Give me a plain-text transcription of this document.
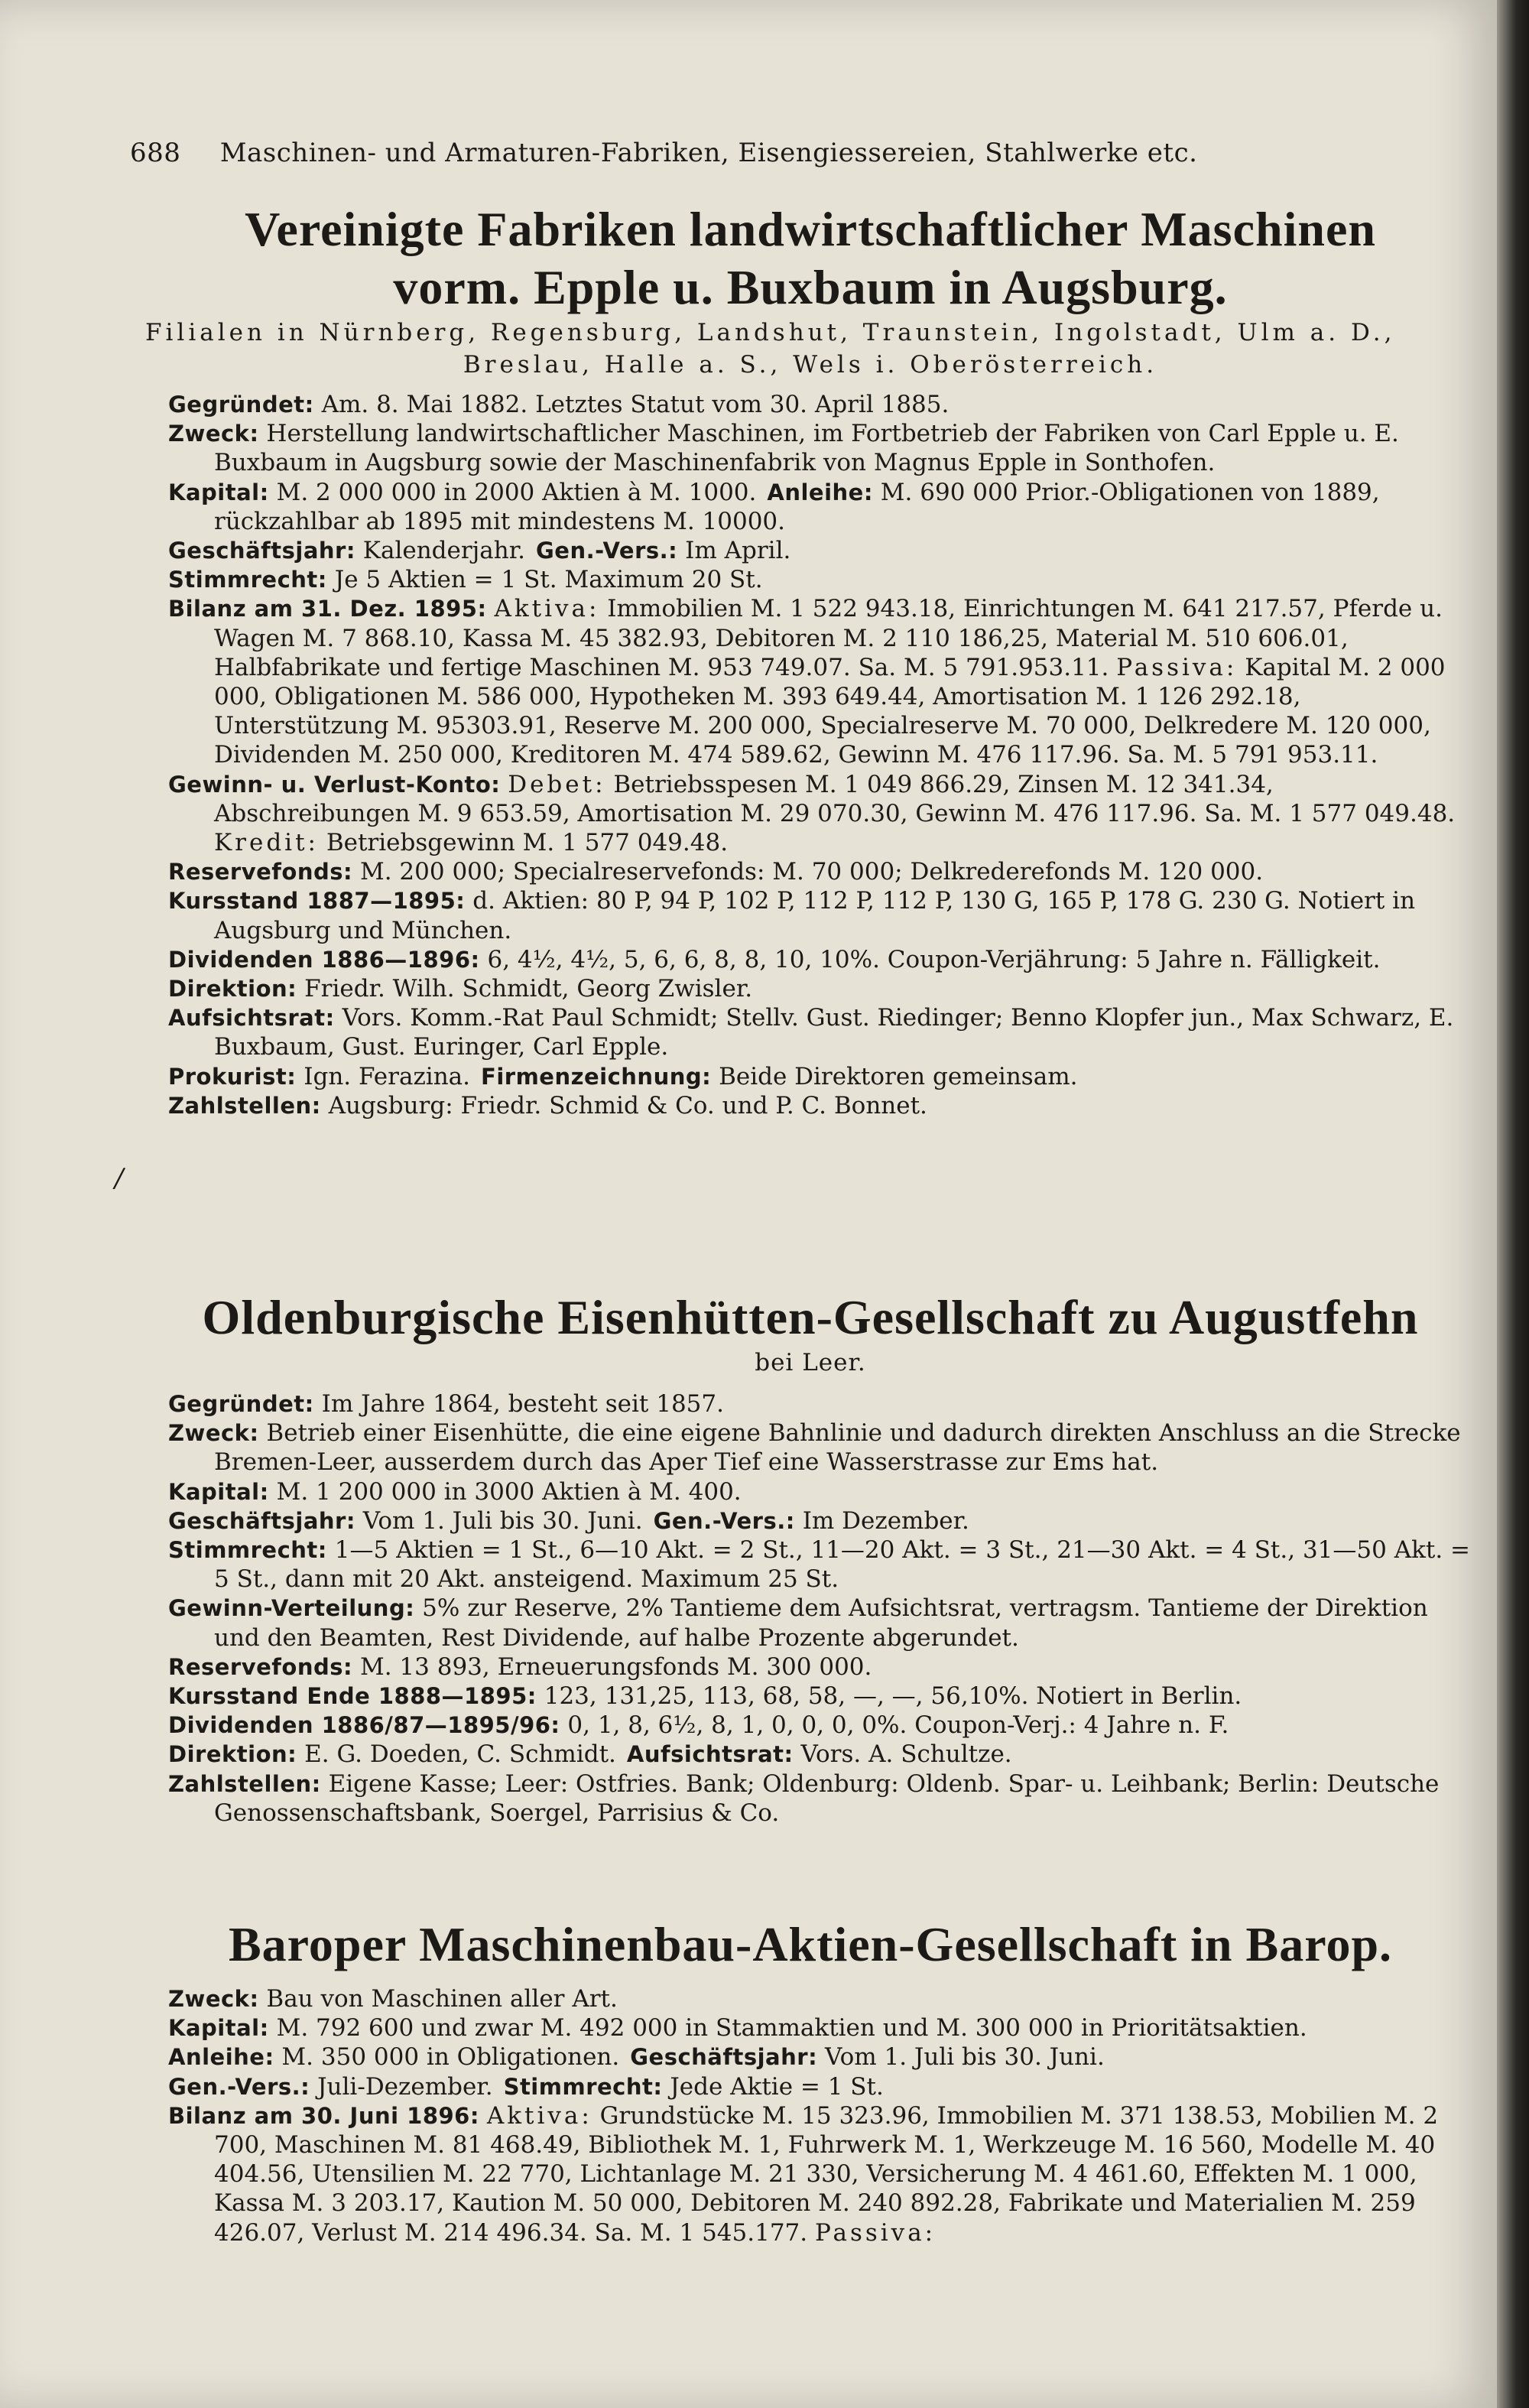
688 Maschinen- und Armaturen-Fabriken, Eisengiessereien, Stahlwerke etc.
/
Vereinigte Fabriken landwirtschaftlicher Maschinen
vorm. Epple u. Buxbaum in Augsburg.
Filialen in Nürnberg, Regensburg, Landshut, Traunstein, Ingolstadt, Ulm a. D.,
Breslau, Halle a. S., Wels i. Oberösterreich.

Gegründet: Am. 8. Mai 1882. Letztes Statut vom 30. April 1885.

Zweck: Herstellung landwirtschaftlicher Maschinen, im Fortbetrieb der Fabriken von Carl Epple u. E. Buxbaum in Augsburg sowie der Maschinenfabrik von Magnus Epple in Sonthofen.

Kapital: M. 2 000 000 in 2000 Aktien à M. 1000. Anleihe: M. 690 000 Prior.-Obligationen von 1889, rückzahlbar ab 1895 mit mindestens M. 10000.

Geschäftsjahr: Kalenderjahr. Gen.-Vers.: Im April.

Stimmrecht: Je 5 Aktien = 1 St. Maximum 20 St.

Bilanz am 31. Dez. 1895: Aktiva: Immobilien M. 1 522 943.18, Einrichtungen M. 641 217.57, Pferde u. Wagen M. 7 868.10, Kassa M. 45 382.93, Debitoren M. 2 110 186,25, Material M. 510 606.01, Halbfabrikate und fertige Maschinen M. 953 749.07. Sa. M. 5 791.953.11. Passiva: Kapital M. 2 000 000, Obligationen M. 586 000, Hypotheken M. 393 649.44, Amortisation M. 1 126 292.18, Unterstützung M. 95303.91, Reserve M. 200 000, Specialreserve M. 70 000, Delkredere M. 120 000, Dividenden M. 250 000, Kreditoren M. 474 589.62, Gewinn M. 476 117.96. Sa. M. 5 791 953.11.

Gewinn- u. Verlust-Konto: Debet: Betriebsspesen M. 1 049 866.29, Zinsen M. 12 341.34, Abschreibungen M. 9 653.59, Amortisation M. 29 070.30, Gewinn M. 476 117.96. Sa. M. 1 577 049.48. Kredit: Betriebsgewinn M. 1 577 049.48.

Reservefonds: M. 200 000; Specialreservefonds: M. 70 000; Delkrederefonds M. 120 000.

Kursstand 1887—1895: d. Aktien: 80 P, 94 P, 102 P, 112 P, 112 P, 130 G, 165 P, 178 G. 230 G. Notiert in Augsburg und München.

Dividenden 1886—1896: 6, 4½, 4½, 5, 6, 6, 8, 8, 10, 10%. Coupon-Verjährung: 5 Jahre n. Fälligkeit.

Direktion: Friedr. Wilh. Schmidt, Georg Zwisler.

Aufsichtsrat: Vors. Komm.-Rat Paul Schmidt; Stellv. Gust. Riedinger; Benno Klopfer jun., Max Schwarz, E. Buxbaum, Gust. Euringer, Carl Epple.

Prokurist: Ign. Ferazina. Firmenzeichnung: Beide Direktoren gemeinsam.

Zahlstellen: Augsburg: Friedr. Schmid & Co. und P. C. Bonnet.

Oldenburgische Eisenhütten-Gesellschaft zu Augustfehn
bei Leer.

Gegründet: Im Jahre 1864, besteht seit 1857.

Zweck: Betrieb einer Eisenhütte, die eine eigene Bahnlinie und dadurch direkten Anschluss an die Strecke Bremen-Leer, ausserdem durch das Aper Tief eine Wasserstrasse zur Ems hat.

Kapital: M. 1 200 000 in 3000 Aktien à M. 400.

Geschäftsjahr: Vom 1. Juli bis 30. Juni. Gen.-Vers.: Im Dezember.

Stimmrecht: 1—5 Aktien = 1 St., 6—10 Akt. = 2 St., 11—20 Akt. = 3 St., 21—30 Akt. = 4 St., 31—50 Akt. = 5 St., dann mit 20 Akt. ansteigend. Maximum 25 St.

Gewinn-Verteilung: 5% zur Reserve, 2% Tantieme dem Aufsichtsrat, vertragsm. Tantieme der Direktion und den Beamten, Rest Dividende, auf halbe Prozente abgerundet.

Reservefonds: M. 13 893, Erneuerungsfonds M. 300 000.

Kursstand Ende 1888—1895: 123, 131,25, 113, 68, 58, —, —, 56,10%. Notiert in Berlin.

Dividenden 1886/87—1895/96: 0, 1, 8, 6½, 8, 1, 0, 0, 0, 0%. Coupon-Verj.: 4 Jahre n. F.

Direktion: E. G. Doeden, C. Schmidt. Aufsichtsrat: Vors. A. Schultze.

Zahlstellen: Eigene Kasse; Leer: Ostfries. Bank; Oldenburg: Oldenb. Spar- u. Leihbank; Berlin: Deutsche Genossenschaftsbank, Soergel, Parrisius & Co.

Baroper Maschinenbau-Aktien-Gesellschaft in Barop.

Zweck: Bau von Maschinen aller Art.

Kapital: M. 792 600 und zwar M. 492 000 in Stammaktien und M. 300 000 in Prioritätsaktien.

Anleihe: M. 350 000 in Obligationen. Geschäftsjahr: Vom 1. Juli bis 30. Juni.

Gen.-Vers.: Juli-Dezember. Stimmrecht: Jede Aktie = 1 St.

Bilanz am 30. Juni 1896: Aktiva: Grundstücke M. 15 323.96, Immobilien M. 371 138.53, Mobilien M. 2 700, Maschinen M. 81 468.49, Bibliothek M. 1, Fuhrwerk M. 1, Werkzeuge M. 16 560, Modelle M. 40 404.56, Utensilien M. 22 770, Lichtanlage M. 21 330, Versicherung M. 4 461.60, Effekten M. 1 000, Kassa M. 3 203.17, Kaution M. 50 000, Debitoren M. 240 892.28, Fabrikate und Materialien M. 259 426.07, Verlust M. 214 496.34. Sa. M. 1 545.177. Passiva:
